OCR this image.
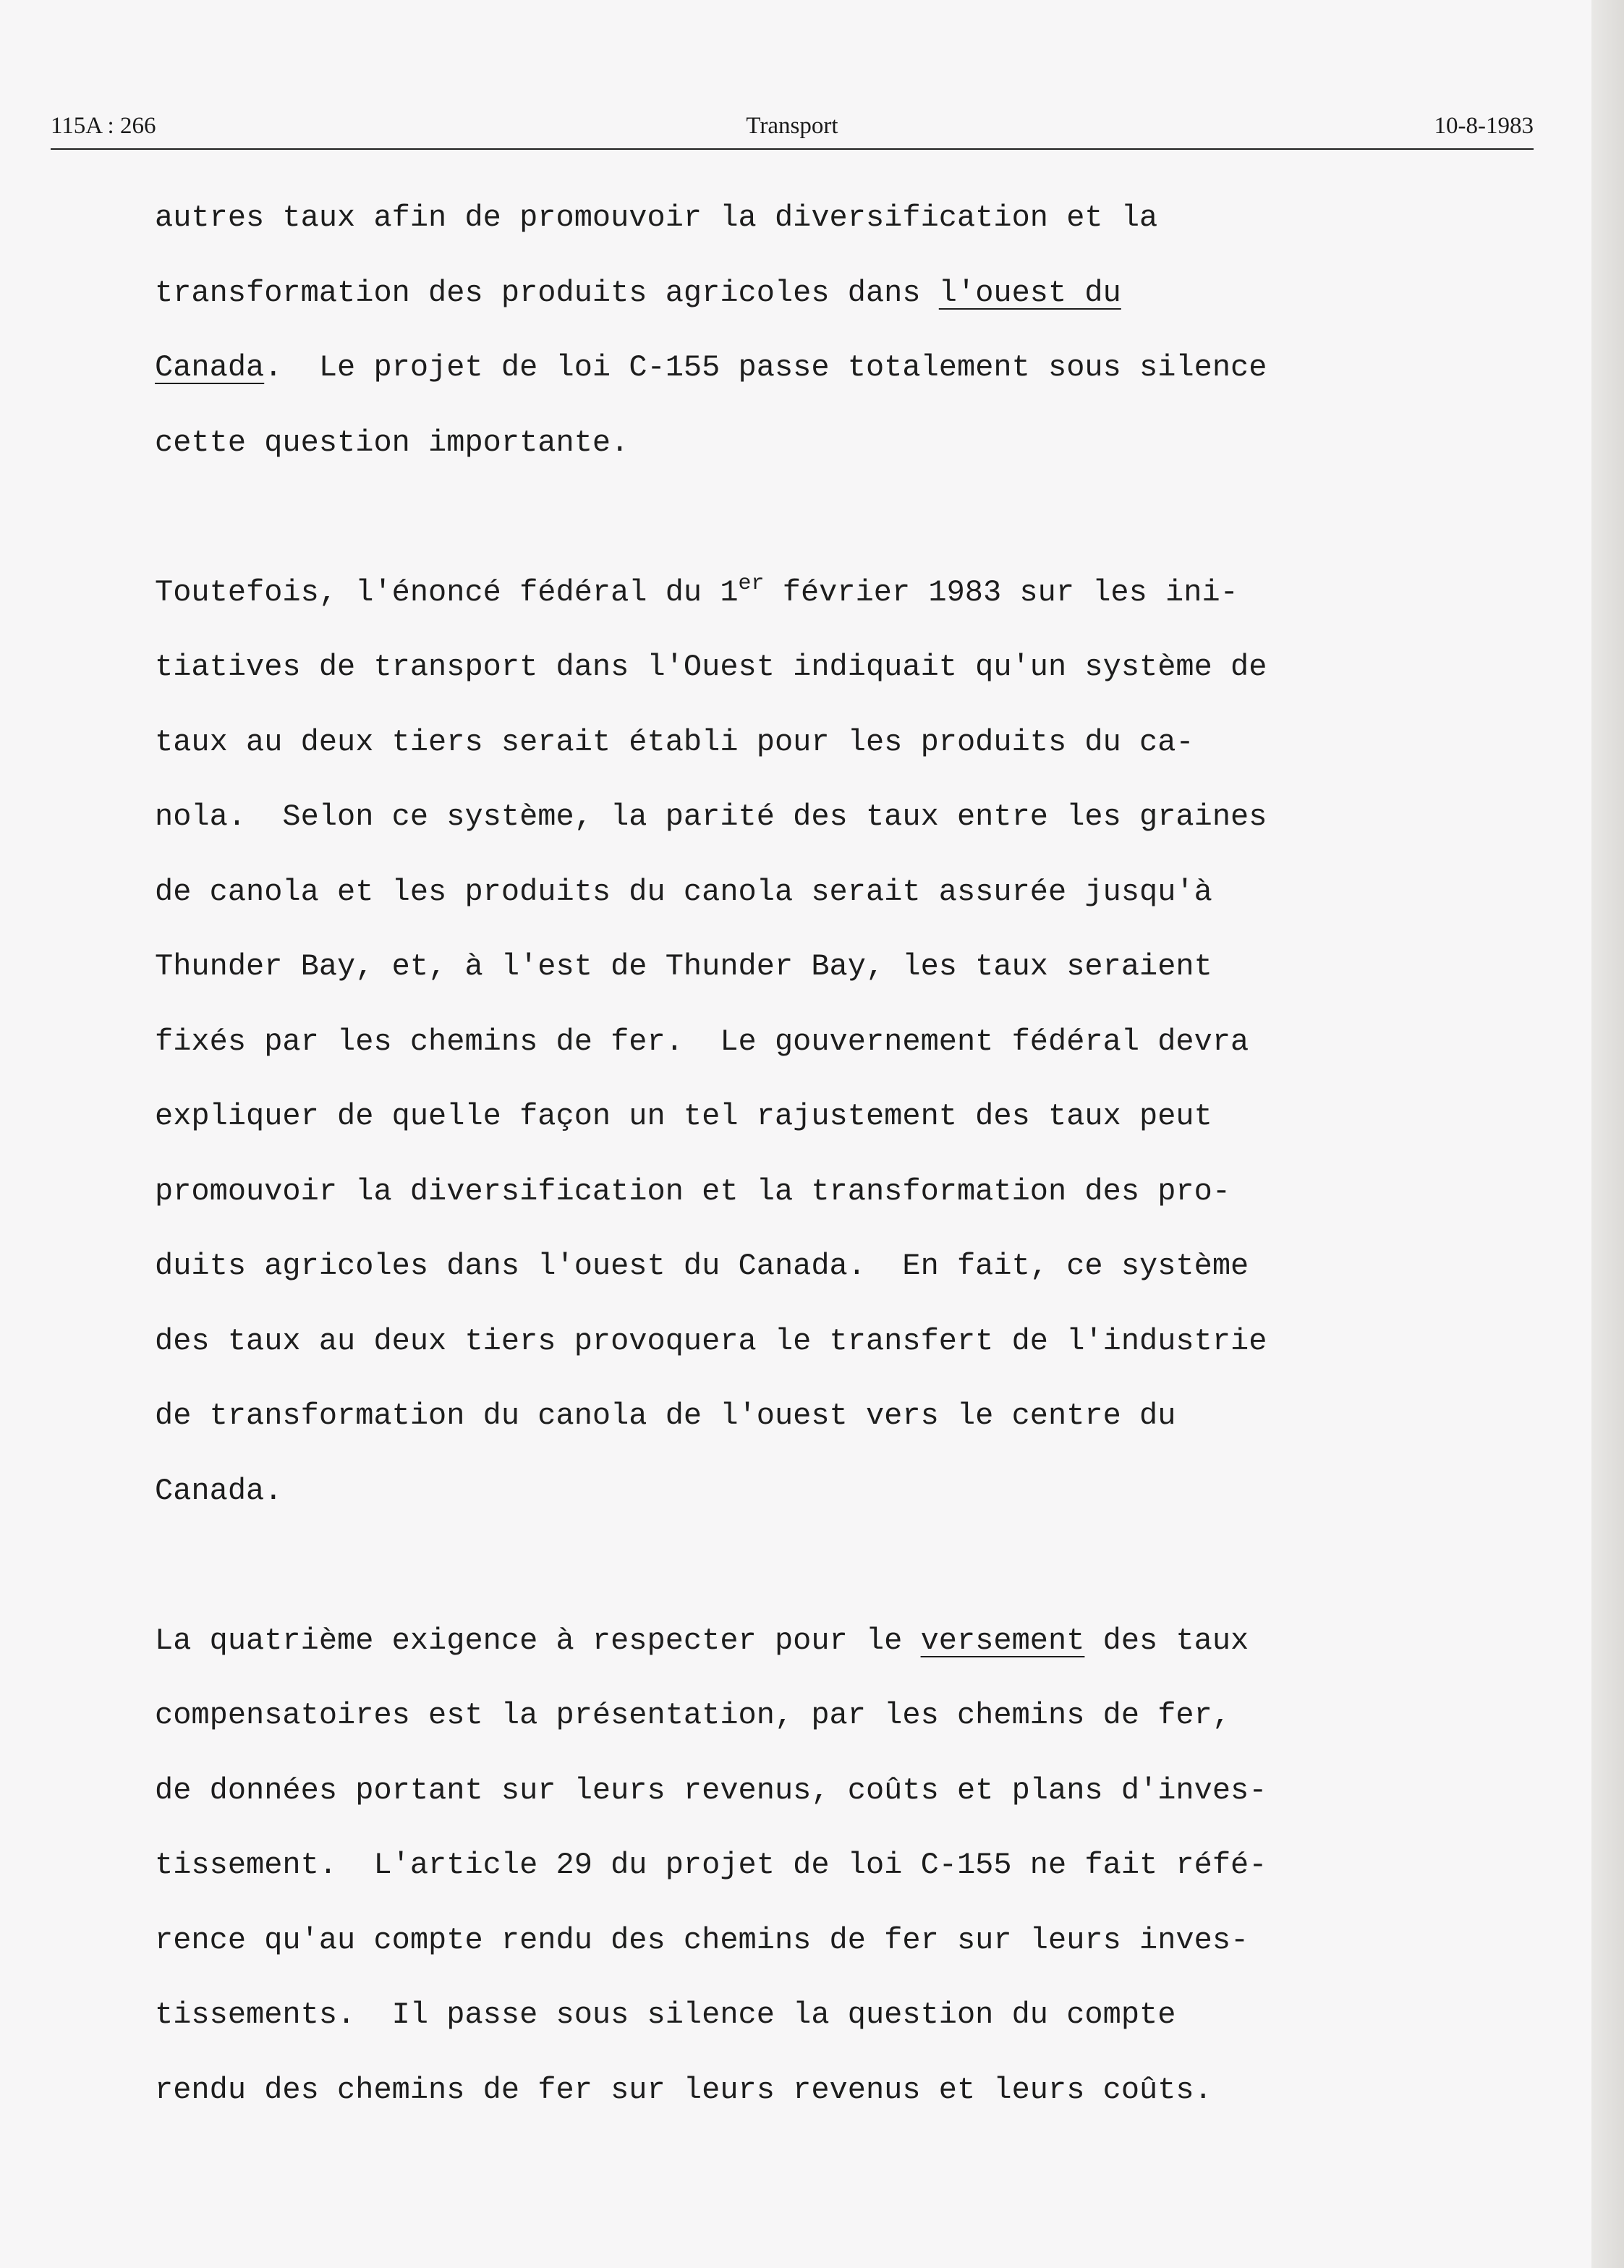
115A : 266	Transport	10-8-1983

autres taux afin de promouvoir la diversification et la

transformation des produits agricoles dans l'ouest du

Canada.  Le projet de loi C-155 passe totalement sous silence

cette question importante.

Toutefois, l'énoncé fédéral du 1er février 1983 sur les ini-

tiatives de transport dans l'Ouest indiquait qu'un système de

taux au deux tiers serait établi pour les produits du ca-

nola.  Selon ce système, la parité des taux entre les graines

de canola et les produits du canola serait assurée jusqu'à

Thunder Bay, et, à l'est de Thunder Bay, les taux seraient

fixés par les chemins de fer.  Le gouvernement fédéral devra

expliquer de quelle façon un tel rajustement des taux peut

promouvoir la diversification et la transformation des pro-

duits agricoles dans l'ouest du Canada.  En fait, ce système

des taux au deux tiers provoquera le transfert de l'industrie

de transformation du canola de l'ouest vers le centre du

Canada.

La quatrième exigence à respecter pour le versement des taux

compensatoires est la présentation, par les chemins de fer,

de données portant sur leurs revenus, coûts et plans d'inves-

tissement.  L'article 29 du projet de loi C-155 ne fait réfé-

rence qu'au compte rendu des chemins de fer sur leurs inves-

tissements.  Il passe sous silence la question du compte

rendu des chemins de fer sur leurs revenus et leurs coûts.
